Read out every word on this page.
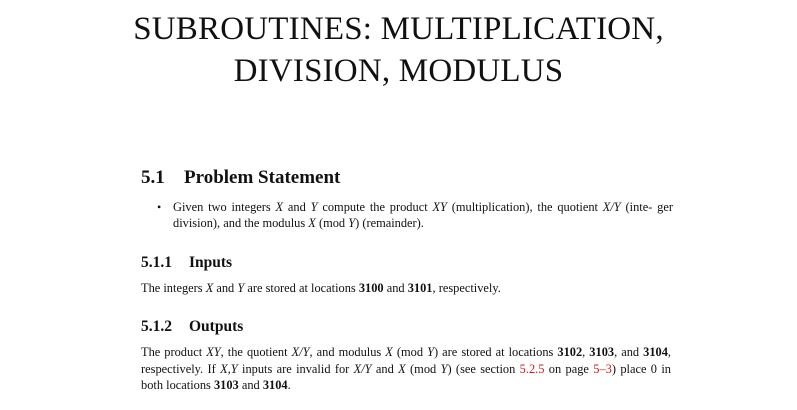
SUBROUTINES: MULTIPLICATION,
DIVISION, MODULUS
5.1 Problem Statement
• Given two integers X and Y compute the product XY (multiplication), the quotient X/Y (inte- ger division), and the modulus X (mod Y) (remainder).
5.1.1 Inputs

The integers X and Y are stored at locations 3100 and 3101, respectively.

5.1.2 Outputs

The product XY, the quotient X/Y, and modulus X (mod Y) are stored at locations 3102, 3103, and 3104, respectively. If X,Y inputs are invalid for X/Y and X (mod Y) (see section 5.2.5 on page 5–3) place 0 in both locations 3103 and 3104.
